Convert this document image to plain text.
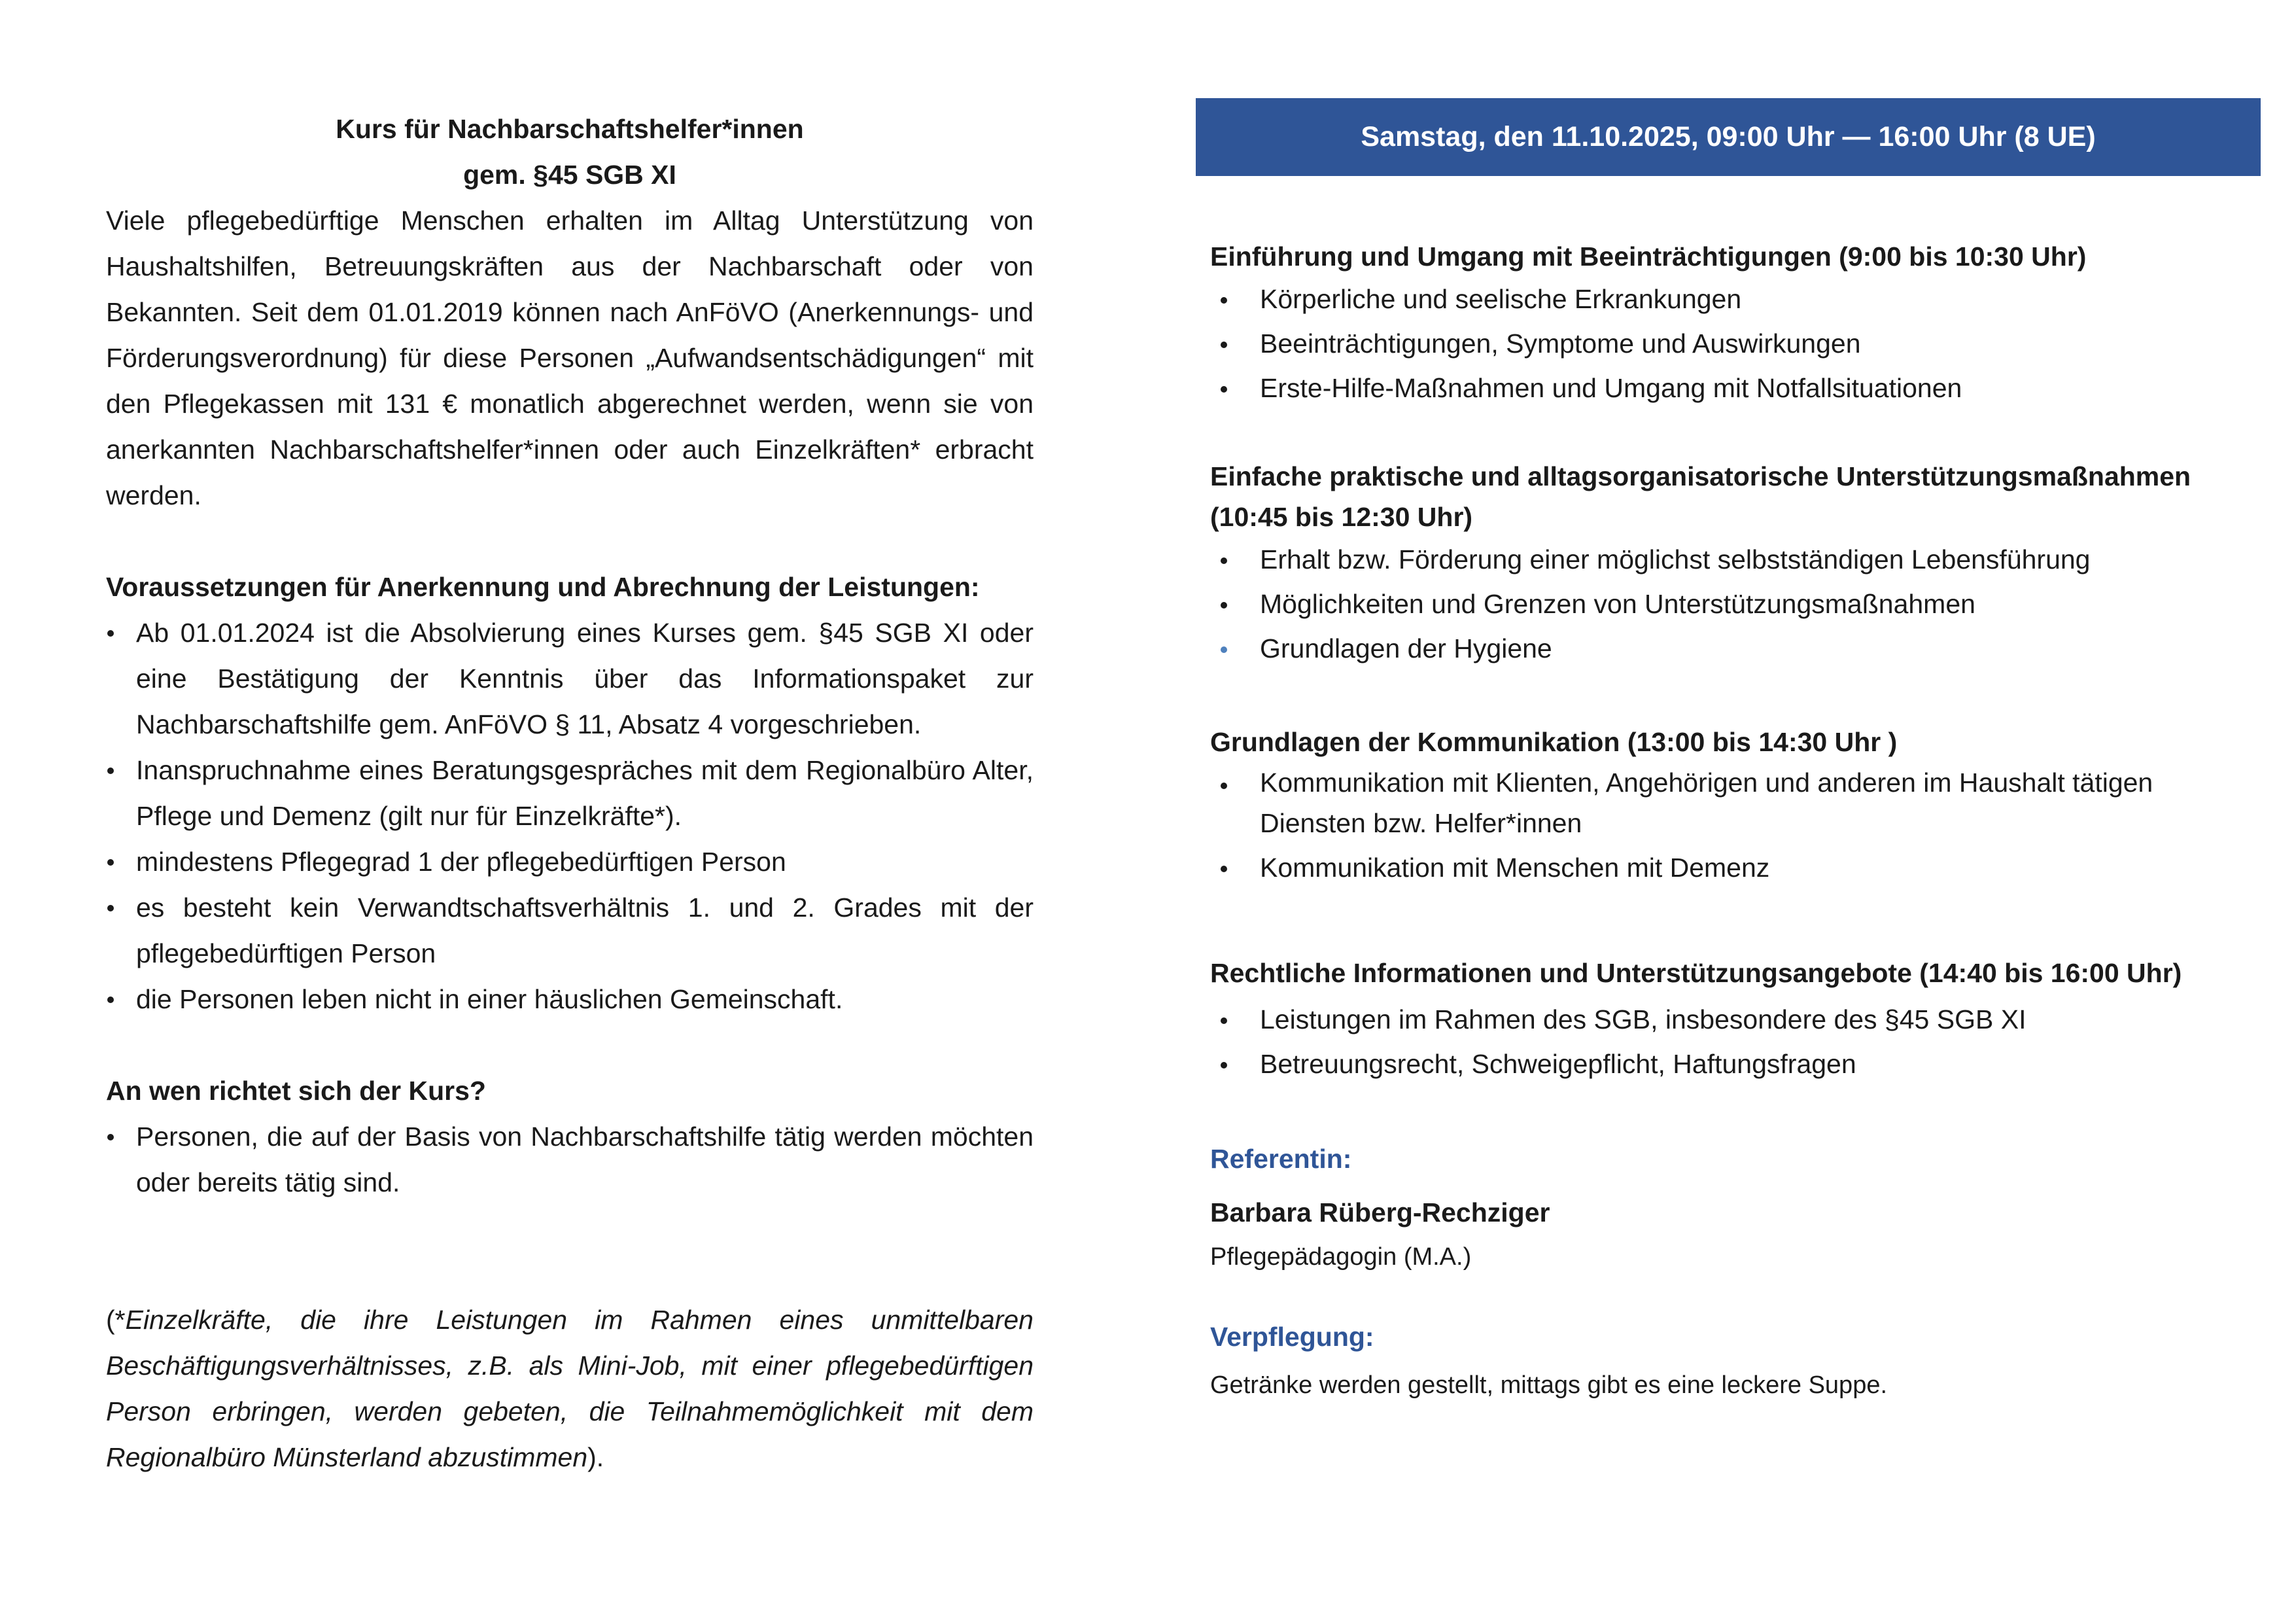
Kurs für Nachbarschaftshelfer*innen
gem. §45 SGB XI
Viele pflegebedürftige Menschen erhalten im Alltag Unterstützung von Haushaltshilfen, Betreuungskräften aus der Nachbarschaft oder von Bekannten. Seit dem 01.01.2019 können nach AnFöVO (Anerkennungs- und Förderungsverordnung) für diese Personen „Aufwandsentschädigungen“ mit den Pflegekassen mit 131 € monatlich abgerechnet werden, wenn sie von anerkannten Nachbarschaftshelfer*innen oder auch Einzelkräften* erbracht werden.
Voraussetzungen für Anerkennung und Abrechnung der Leistungen:
Ab 01.01.2024 ist die Absolvierung eines Kurses gem. §45 SGB XI oder eine Bestätigung der Kenntnis über das Informationspaket zur Nachbarschaftshilfe gem. AnFöVO § 11, Absatz 4 vorgeschrieben.
Inanspruchnahme eines Beratungsgespräches mit dem Regionalbüro Alter, Pflege und Demenz (gilt nur für Einzelkräfte*).
mindestens Pflegegrad 1 der pflegebedürftigen Person
es besteht kein Verwandtschaftsverhältnis 1. und 2. Grades mit der pflegebedürftigen Person
die Personen leben nicht in einer häuslichen Gemeinschaft.
An wen richtet sich der Kurs?
Personen, die auf der Basis von Nachbarschaftshilfe tätig werden möchten oder bereits tätig sind.
(*Einzelkräfte, die ihre Leistungen im Rahmen eines unmittelbaren Beschäftigungsverhältnisses, z.B. als Mini-Job, mit einer pflegebedürftigen Person erbringen, werden gebeten, die Teilnahmemöglichkeit mit dem Regionalbüro Münsterland abzustimmen).
Samstag, den 11.10.2025, 09:00 Uhr — 16:00 Uhr (8 UE)
Einführung und Umgang mit Beeinträchtigungen (9:00 bis 10:30 Uhr)
Körperliche und seelische Erkrankungen
Beeinträchtigungen, Symptome und Auswirkungen
Erste-Hilfe-Maßnahmen und Umgang mit Notfallsituationen
Einfache praktische und alltagsorganisatorische Unterstützungsmaßnahmen (10:45 bis 12:30 Uhr)
Erhalt bzw. Förderung einer möglichst selbstständigen Lebensführung
Möglichkeiten und Grenzen von Unterstützungsmaßnahmen
Grundlagen der Hygiene
Grundlagen der Kommunikation (13:00 bis 14:30 Uhr )
Kommunikation mit Klienten, Angehörigen und anderen im Haushalt tätigen Diensten bzw. Helfer*innen
Kommunikation mit Menschen mit Demenz
Rechtliche Informationen und Unterstützungsangebote (14:40 bis 16:00 Uhr)
Leistungen im Rahmen des SGB, insbesondere des §45 SGB XI
Betreuungsrecht, Schweigepflicht, Haftungsfragen
Referentin:
Barbara Rüberg-Rechziger
Pflegepädagogin (M.A.)
Verpflegung:
Getränke werden gestellt, mittags gibt es eine leckere Suppe.
